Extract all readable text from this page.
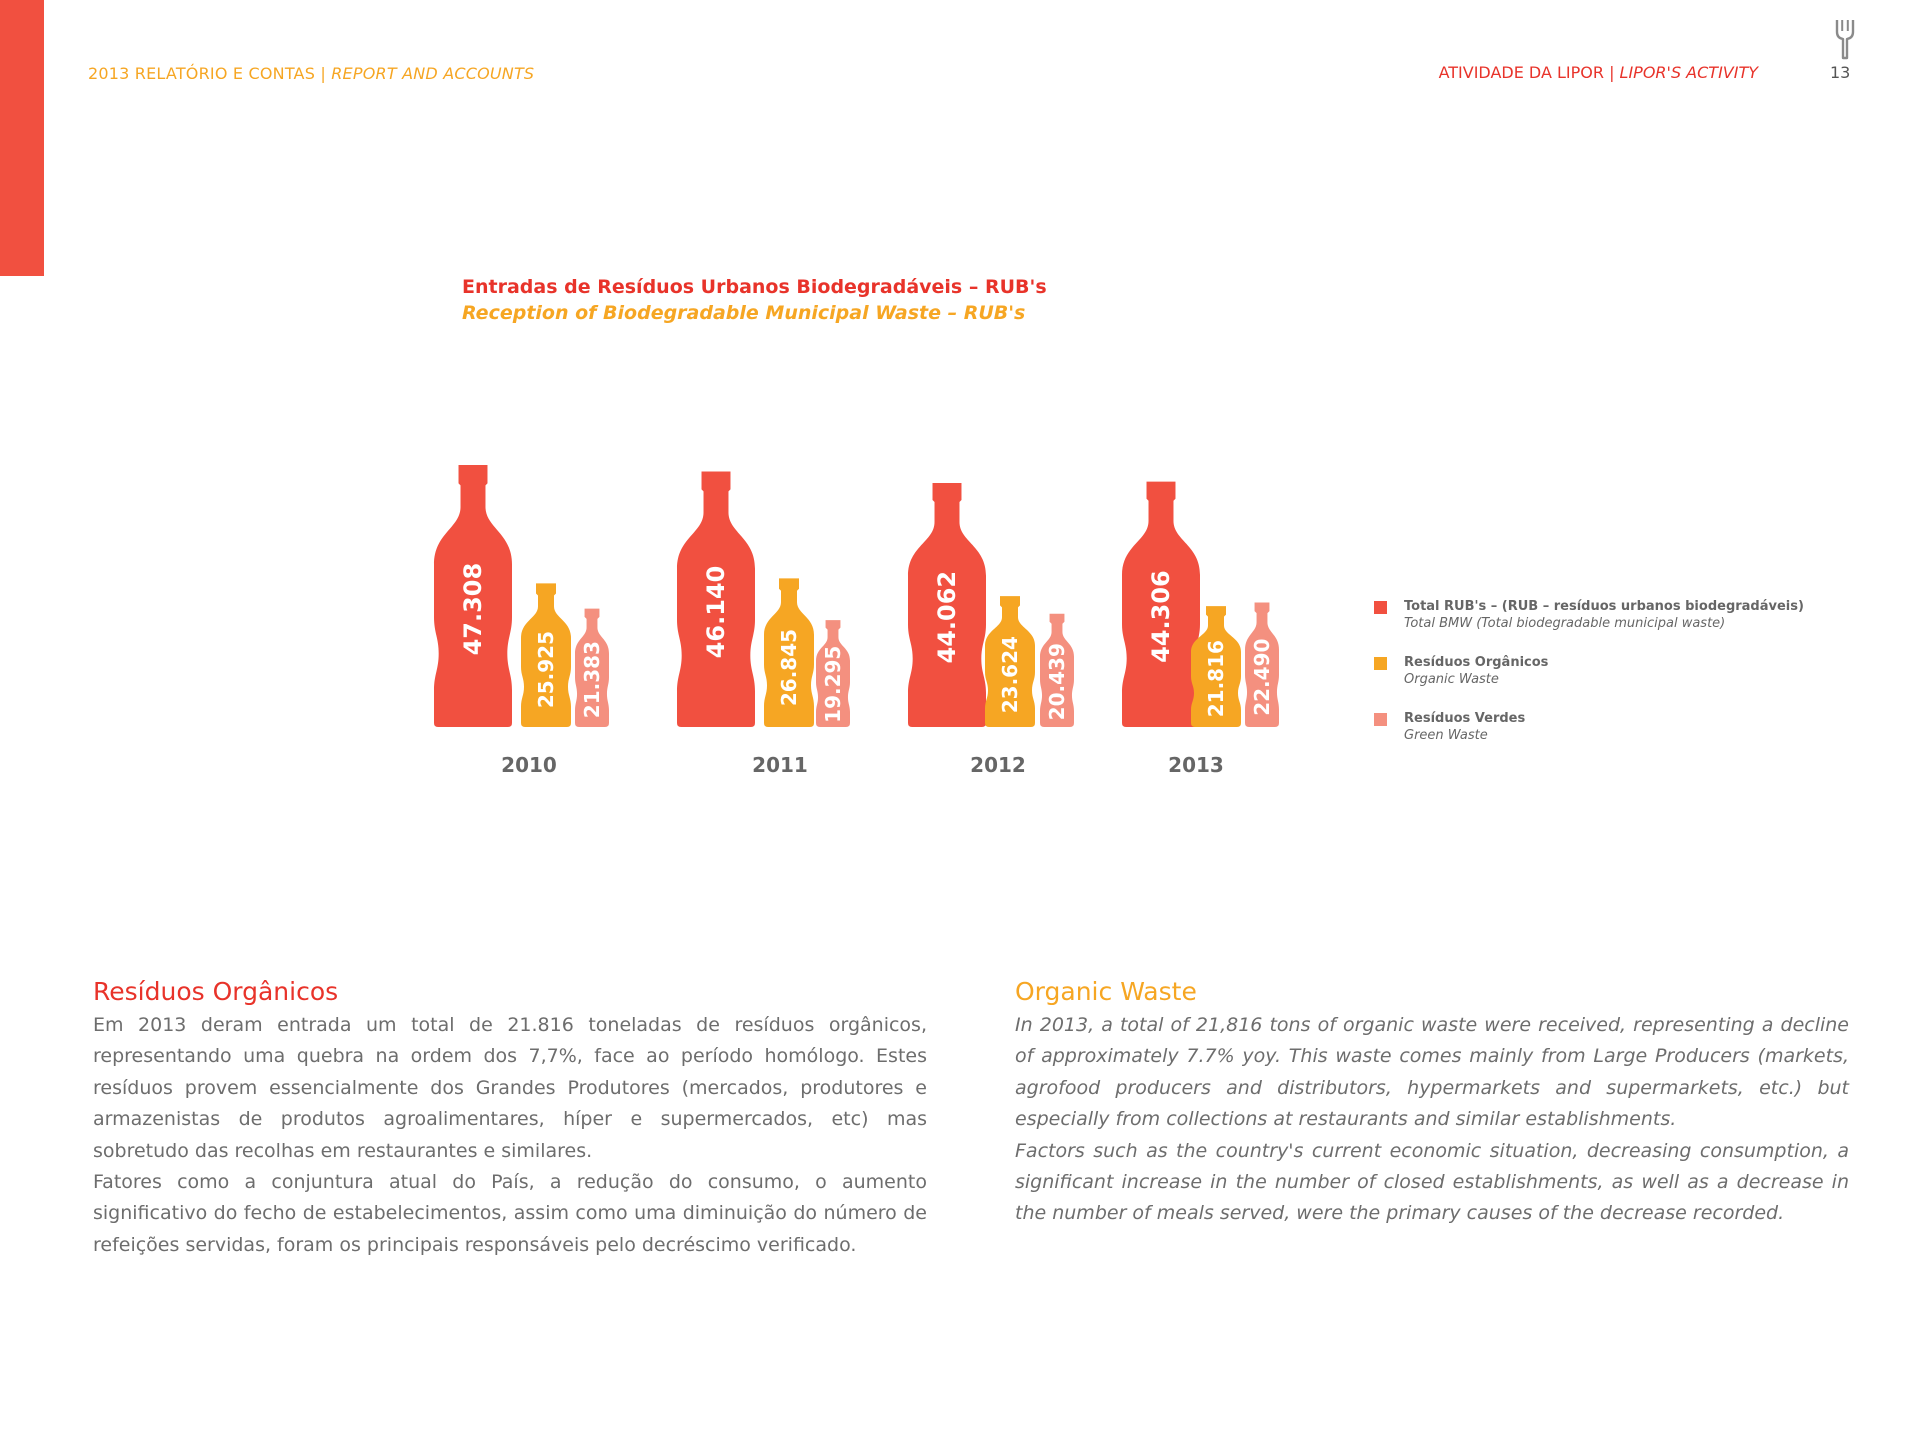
2013 RELATÓRIO E CONTAS | REPORT AND ACCOUNTS	ATIVIDADE DA LIPOR | LIPOR'S ACTIVITY	13
Entradas de Resíduos Urbanos Biodegradáveis – RUB's
Reception of Biodegradable Municipal Waste – RUB's
47.308
25.925 21.383
2010
46.140
26.845 19.295
2011
44.062
23.624 20.439
2012
44.306
21.816 22.490
2013
Total RUB's – (RUB – resíduos urbanos biodegradáveis)
Total BMW (Total biodegradable municipal waste)
Resíduos Orgânicos
Organic Waste
Resíduos Verdes
Green Waste
Resíduos Orgânicos

Em 2013 deram entrada um total de 21.816 toneladas de resíduos orgânicos, representando uma quebra na ordem dos 7,7%, face ao período homólogo. Estes resíduos provem essencialmente dos Grandes Produtores (mercados, produtores e armazenistas de produtos agroalimentares, híper e supermercados, etc) mas sobretudo das recolhas em restaurantes e similares.

Fatores como a conjuntura atual do País, a redução do consumo, o aumento significativo do fecho de estabelecimentos, assim como uma diminuição do número de refeições servidas, foram os principais responsáveis pelo decréscimo verificado.

Organic Waste

In 2013, a total of 21,816 tons of organic waste were received, representing a decline of approximately 7.7% yoy. This waste comes mainly from Large Producers (markets, agrofood producers and distributors, hypermarkets and supermarkets, etc.) but especially from collections at restaurants and similar establishments.

Factors such as the country's current economic situation, decreasing consumption, a significant increase in the number of closed establishments, as well as a decrease in the number of meals served, were the primary causes of the decrease recorded.
